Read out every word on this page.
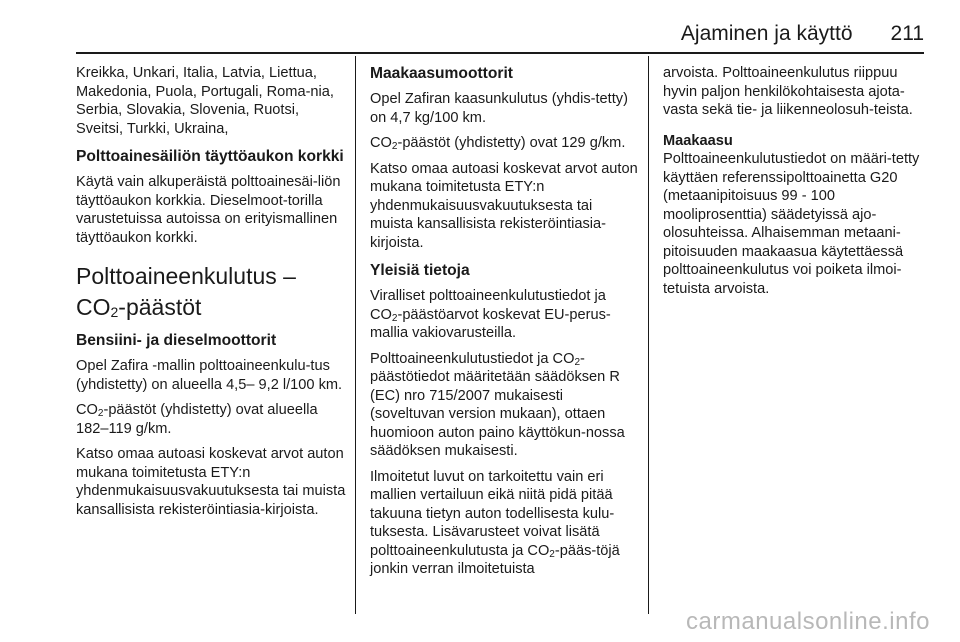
Ajaminen ja käyttö 211

Kreikka, Unkari, Italia, Latvia, Liettua, Makedonia, Puola, Portugali, Roma-nia, Serbia, Slovakia, Slovenia, Ruotsi, Sveitsi, Turkki, Ukraina,

Polttoainesäiliön täyttöaukon korkki

Käytä vain alkuperäistä polttoainesäi-liön täyttöaukon korkkia. Dieselmoot-torilla varustetuissa autoissa on erityismallinen täyttöaukon korkki.

Polttoaineenkulutus – $CO_2$-päästöt
Bensiini- ja dieselmoottorit

Opel Zafira -mallin polttoaineenkulu-tus (yhdistetty) on alueella 4,5– 9,2 l/100 km.

$CO_2$-päästöt (yhdistetty) ovat alueella 182–119 g/km.

Katso omaa autoasi koskevat arvot auton mukana toimitetusta ETY:n yhdenmukaisuusvakuutuksesta tai muista kansallisista rekisteröintiasia-kirjoista.

Maakaasumoottorit

Opel Zafiran kaasunkulutus (yhdis-tetty) on 4,7 kg/100 km.

$CO_2$-päästöt (yhdistetty) ovat 129 g/km.

Katso omaa autoasi koskevat arvot auton mukana toimitetusta ETY:n yhdenmukaisuusvakuutuksesta tai muista kansallisista rekisteröintiasia-kirjoista.

Yleisiä tietoja

Viralliset polttoaineenkulutustiedot ja $CO_2$-päästöarvot koskevat EU-perus-mallia vakiovarusteilla.

Polttoaineenkulutustiedot ja $CO_2$-päästötiedot määritetään säädöksen R (EC) nro 715/2007 mukaisesti (soveltuvan version mukaan), ottaen huomioon auton paino käyttökun-nossa säädöksen mukaisesti.

Ilmoitetut luvut on tarkoitettu vain eri mallien vertailuun eikä niitä pidä pitää takuuna tietyn auton todellisesta kulu-tuksesta. Lisävarusteet voivat lisätä polttoaineenkulutusta ja $CO_2-pääs$-töjä jonkin verran ilmoitetuista

arvoista. Polttoaineenkulutus riippuu hyvin paljon henkilökohtaisesta ajota-vasta sekä tie- ja liikenneolosuh-teista.

Maakaasu

Polttoaineenkulutustiedot on määri-tetty käyttäen referenssipolttoainetta G20 (metaanipitoisuus 99 - 100 mooliprosenttia) säädetyissä ajo-olosuhteissa. Alhaisemman metaani-pitoisuuden maakaasua käytettäessä polttoaineenkulutus voi poiketa ilmoi-tetuista arvoista.

carmanualsonline.info
